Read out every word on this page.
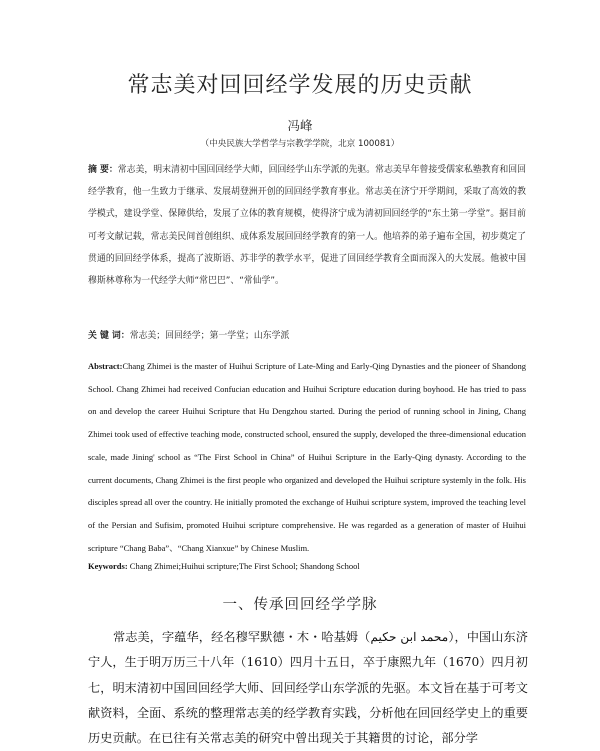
常志美对回回经学发展的历史贡献
冯峰
（中央民族大学哲学与宗教学学院，北京 100081）
摘 要：常志美，明末清初中国回回经学大师，回回经学山东学派的先驱。常志美早年曾接受儒家私塾教育和回回经学教育，他一生致力于继承、发展胡登洲开创的回回经学教育事业。常志美在济宁开学期间，采取了高效的教学模式，建设学堂、保障供给，发展了立体的教育规模，使得济宁成为清初回回经学的“东土第一学堂”。据目前可考文献记载，常志美民间首创组织、成体系发展回回经学教育的第一人。他培养的弟子遍布全国，初步奠定了贯通的回回经学体系，提高了波斯语、苏非学的教学水平，促进了回回经学教育全面而深入的大发展。他被中国穆斯林尊称为一代经学大师“常巴巴”、“常仙学”。
关 键 词：常志美；回回经学；第一学堂；山东学派
Abstract:Chang Zhimei is the master of Huihui Scripture of Late-Ming and Early-Qing Dynasties and the pioneer of Shandong School. Chang Zhimei had received Confucian education and Huihui Scripture education during boyhood. He has tried to pass on and develop the career Huihui Scripture that Hu Dengzhou started. During the period of running school in Jining, Chang Zhimei took used of effective teaching mode, constructed school, ensured the supply, developed the three-dimensional education scale, made Jining' school as “The First School in China” of Huihui Scripture in the Early-Qing dynasty. According to the current documents, Chang Zhimei is the first people who organized and developed the Huihui scripture systemly in the folk. His disciples spread all over the country. He initially promoted the exchange of Huihui scripture system, improved the teaching level of the Persian and Sufisim, promoted Huihui scripture comprehensive. He was regarded as a generation of master of Huihui scripture “Chang Baba”、“Chang Xianxue” by Chinese Muslim.
Keywords: Chang Zhimei;Huihui scripture;The First School; Shandong School
一、传承回回经学学脉
常志美，字蕴华，经名穆罕默德・木・哈基姆（محمد ابن حكيم），中国山东济宁人，生于明万历三十八年（1610）四月十五日，卒于康熙九年（1670）四月初七，明末清初中国回回经学大师、回回经学山东学派的先驱。本文旨在基于可考文献资料，全面、系统的整理常志美的经学教育实践，分析他在回回经学史上的重要历史贡献。在已往有关常志美的研究中曾出现关于其籍贯的讨论，部分学
